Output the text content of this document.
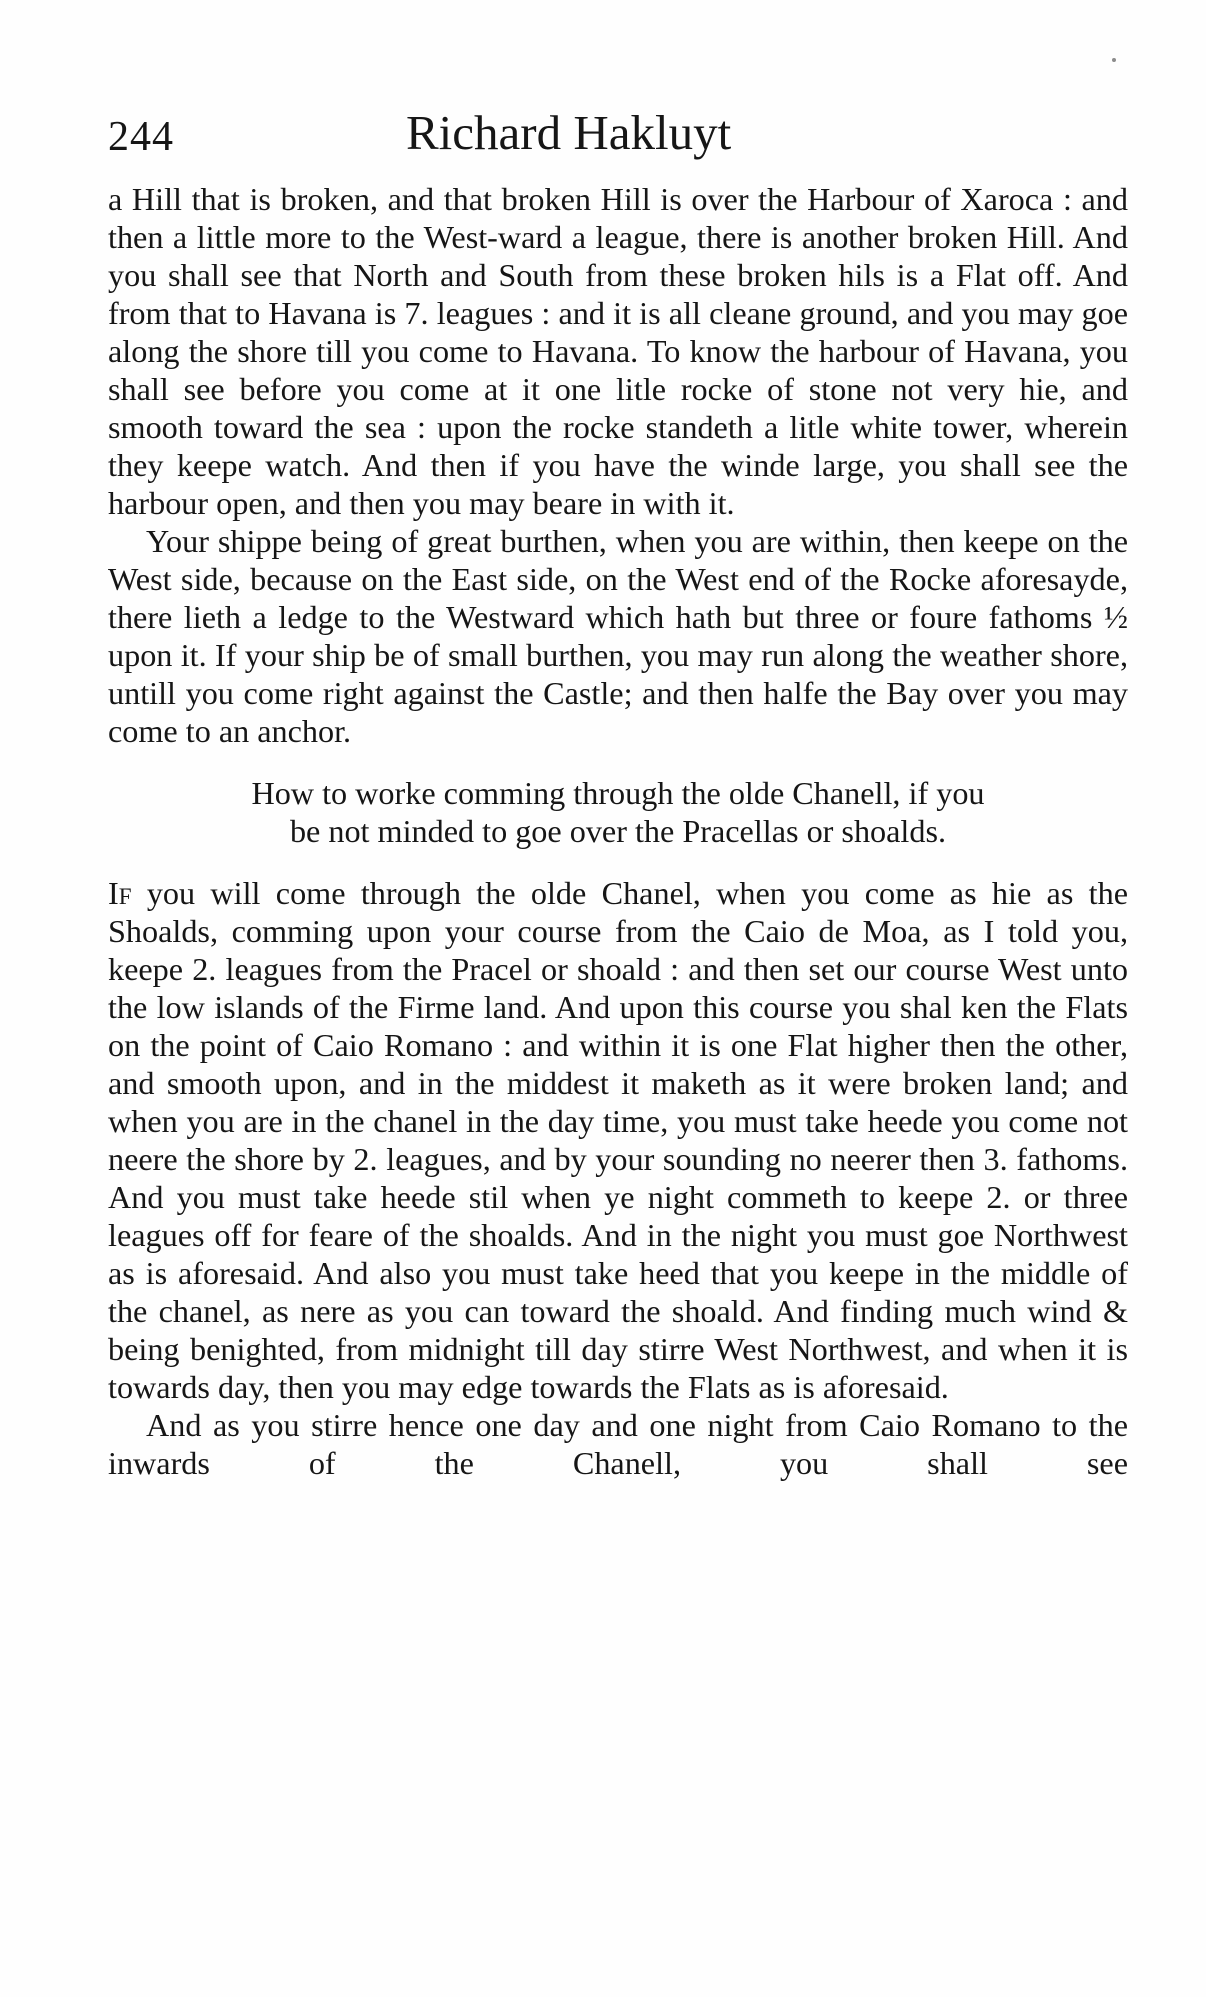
244	Richard Hakluyt

a Hill that is broken, and that broken Hill is over the Harbour of Xaroca : and then a little more to the West-ward a league, there is another broken Hill. And you shall see that North and South from these broken hils is a Flat off. And from that to Havana is 7. leagues : and it is all cleane ground, and you may goe along the shore till you come to Havana. To know the harbour of Havana, you shall see before you come at it one litle rocke of stone not very hie, and smooth toward the sea : upon the rocke standeth a litle white tower, wherein they keepe watch. And then if you have the winde large, you shall see the harbour open, and then you may beare in with it.

Your shippe being of great burthen, when you are within, then keepe on the West side, because on the East side, on the West end of the Rocke aforesayde, there lieth a ledge to the Westward which hath but three or foure fathoms ½ upon it. If your ship be of small burthen, you may run along the weather shore, untill you come right against the Castle; and then halfe the Bay over you may come to an anchor.

How to worke comming through the olde Chanell, if you
be not minded to goe over the Pracellas or shoalds.

If you will come through the olde Chanel, when you come as hie as the Shoalds, comming upon your course from the Caio de Moa, as I told you, keepe 2. leagues from the Pracel or shoald : and then set our course West unto the low islands of the Firme land. And upon this course you shal ken the Flats on the point of Caio Romano : and within it is one Flat higher then the other, and smooth upon, and in the middest it maketh as it were broken land; and when you are in the chanel in the day time, you must take heede you come not neere the shore by 2. leagues, and by your sounding no neerer then 3. fathoms. And you must take heede stil when ye night commeth to keepe 2. or three leagues off for feare of the shoalds. And in the night you must goe Northwest as is aforesaid. And also you must take heed that you keepe in the middle of the chanel, as nere as you can toward the shoald. And finding much wind & being benighted, from midnight till day stirre West Northwest, and when it is towards day, then you may edge towards the Flats as is aforesaid.

And as you stirre hence one day and one night from Caio Romano to the inwards of the Chanell, you shall see
